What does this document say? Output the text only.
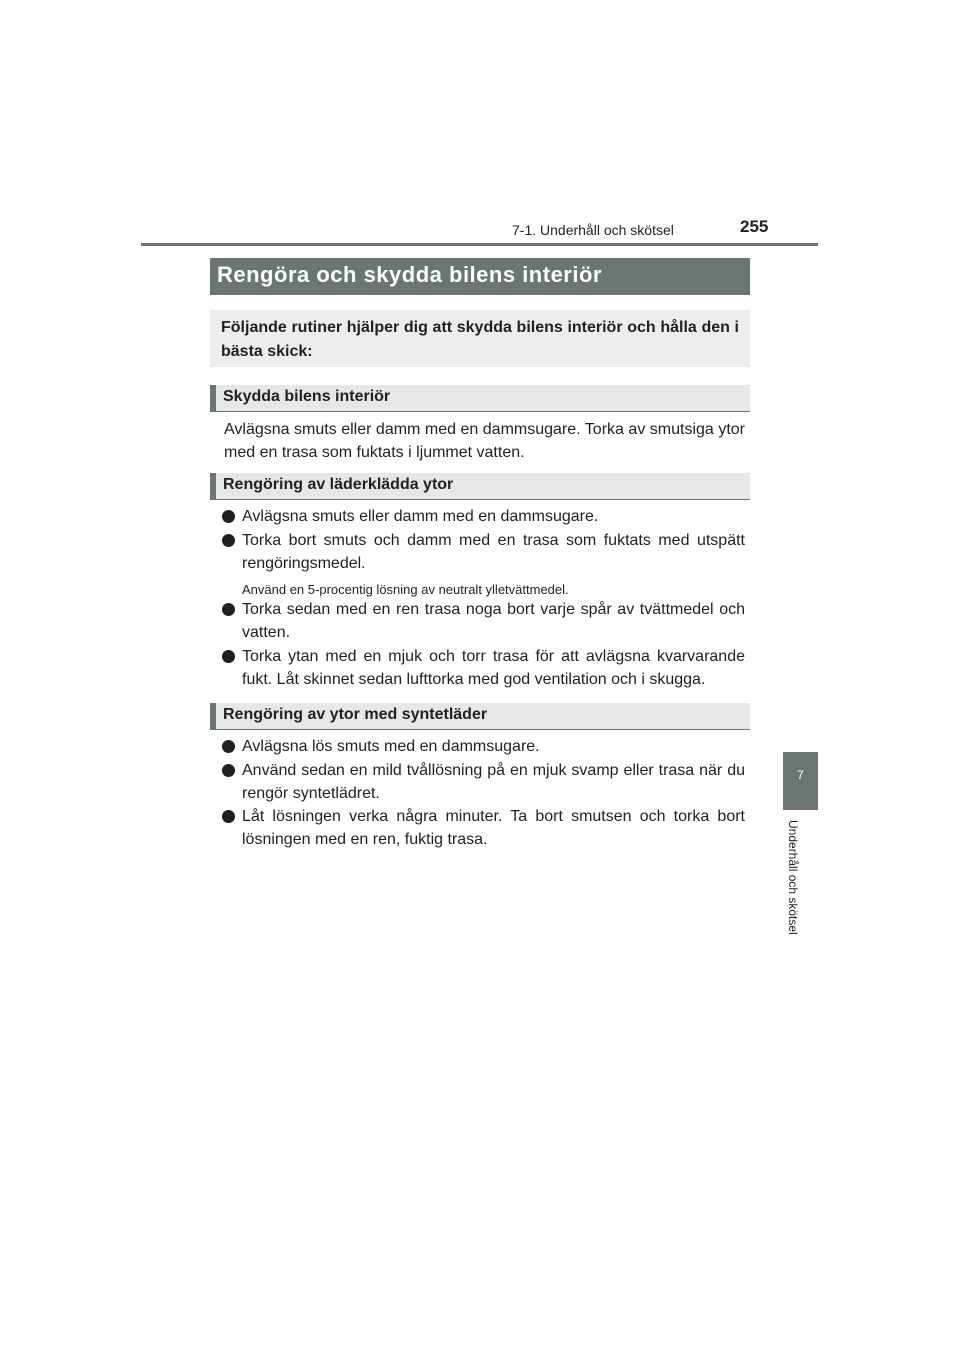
7-1. Underhåll och skötsel	255
7
Underhåll och skötsel
Rengöra och skydda bilens interiör
Följande rutiner hjälper dig att skydda bilens interiör och hålla den i bästa skick:
Skydda bilens interiör
Avlägsna smuts eller damm med en dammsugare. Torka av smutsiga ytor med en trasa som fuktats i ljummet vatten.
Rengöring av läderklädda ytor
Avlägsna smuts eller damm med en dammsugare.
Torka bort smuts och damm med en trasa som fuktats med utspätt rengöringsmedel.
Använd en 5-procentig lösning av neutralt ylletvättmedel.
Torka sedan med en ren trasa noga bort varje spår av tvättmedel och vatten.
Torka ytan med en mjuk och torr trasa för att avlägsna kvarvarande fukt. Låt skinnet sedan lufttorka med god ventilation och i skugga.
Rengöring av ytor med syntetläder
Avlägsna lös smuts med en dammsugare.
Använd sedan en mild tvållösning på en mjuk svamp eller trasa när du rengör syntetlädret.
Låt lösningen verka några minuter. Ta bort smutsen och torka bort lösningen med en ren, fuktig trasa.
